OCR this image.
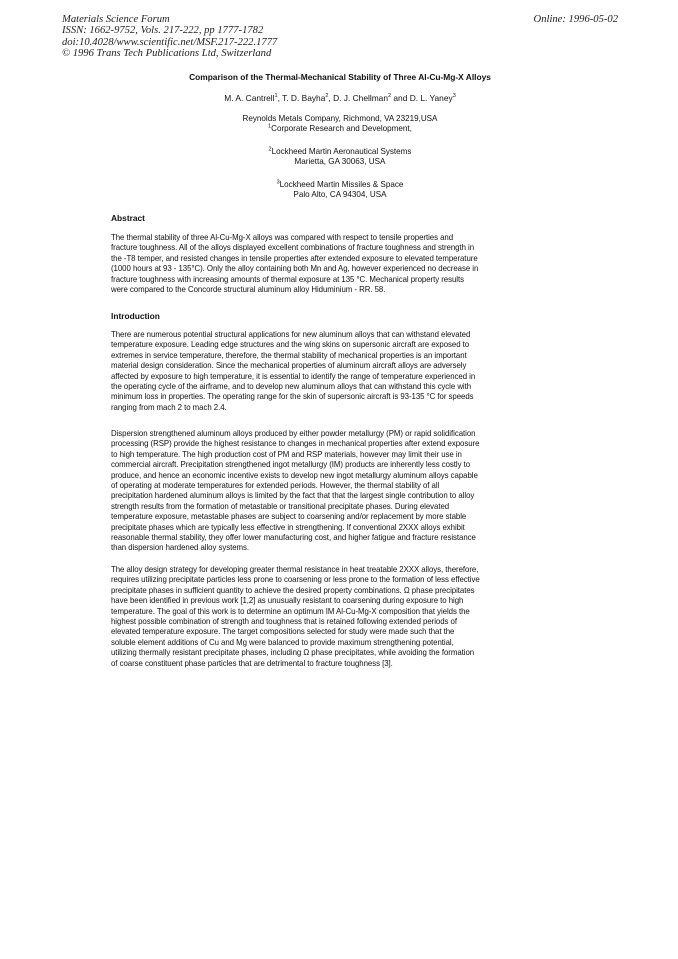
Materials Science Forum
ISSN: 1662-9752, Vols. 217-222, pp 1777-1782
doi:10.4028/www.scientific.net/MSF.217-222.1777
© 1996 Trans Tech Publications Ltd, Switzerland
Online: 1996-05-02
Comparison of the Thermal-Mechanical Stability of Three Al-Cu-Mg-X Alloys
M. A. Cantrell$^1$, T. D. Bayha$^2$, D. J. Chellman$^2$ and D. L. Yaney$^3$
Reynolds Metals Company, Richmond, VA 23219,USA
$^1$Corporate Research and Development,
$^2$Lockheed Martin Aeronautical Systems
Marietta, GA 30063, USA
$^3$Lockheed Martin Missiles & Space
Palo Alto, CA 94304, USA
Abstract
The thermal stability of three Al-Cu-Mg-X alloys was compared with respect to tensile properties and
fracture toughness. All of the alloys displayed excellent combinations of fracture toughness and strength in
the -T8 temper, and resisted changes in tensile properties after extended exposure to elevated temperature
(1000 hours at 93 - 135°C). Only the alloy containing both Mn and Ag, however experienced no decrease in
fracture toughness with increasing amounts of thermal exposure at 135 °C. Mechanical property results
were compared to the Concorde structural aluminum alloy Hiduminium - RR. 58.
Introduction
There are numerous potential structural applications for new aluminum alloys that can withstand elevated
temperature exposure. Leading edge structures and the wing skins on supersonic aircraft are exposed to
extremes in service temperature, therefore, the thermal stability of mechanical properties is an important
material design consideration. Since the mechanical properties of aluminum aircraft alloys are adversely
affected by exposure to high temperature, it is essential to identify the range of temperature experienced in
the operating cycle of the airframe, and to develop new aluminum alloys that can withstand this cycle with
minimum loss in properties. The operating range for the skin of supersonic aircraft is 93-135 °C for speeds
ranging from mach 2 to mach 2.4.
Dispersion strengthened aluminum alloys produced by either powder metallurgy (PM) or rapid solidification
processing (RSP) provide the highest resistance to changes in mechanical properties after extend exposure
to high temperature. The high production cost of PM and RSP materials, however may limit their use in
commercial aircraft. Precipitation strengthened ingot metallurgy (IM) products are inherently less costly to
produce, and hence an economic incentive exists to develop new ingot metallurgy aluminum alloys capable
of operating at moderate temperatures for extended periods. However, the thermal stability of all
precipitation hardened aluminum alloys is limited by the fact that that the largest single contribution to alloy
strength results from the formation of metastable or transitional precipitate phases. During elevated
temperature exposure, metastable phases are subject to coarsening and/or replacement by more stable
precipitate phases which are typically less effective in strengthening. If conventional 2XXX alloys exhibit
reasonable thermal stability, they offer lower manufacturing cost, and higher fatigue and fracture resistance
than dispersion hardened alloy systems.
The alloy design strategy for developing greater thermal resistance in heat treatable 2XXX alloys, therefore,
requires utilizing precipitate particles less prone to coarsening or less prone to the formation of less effective
precipitate phases in sufficient quantity to achieve the desired property combinations. Ω phase precipitates
have been identified in previous work [1,2] as unusually resistant to coarsening during exposure to high
temperature. The goal of this work is to determine an optimum IM Al-Cu-Mg-X composition that yields the
highest possible combination of strength and toughness that is retained following extended periods of
elevated temperature exposure. The target compositions selected for study were made such that the
soluble element additions of Cu and Mg were balanced to provide maximum strengthening potential,
utilizing thermally resistant precipitate phases, including Ω phase precipitates, while avoiding the formation
of coarse constituent phase particles that are detrimental to fracture toughness [3].
